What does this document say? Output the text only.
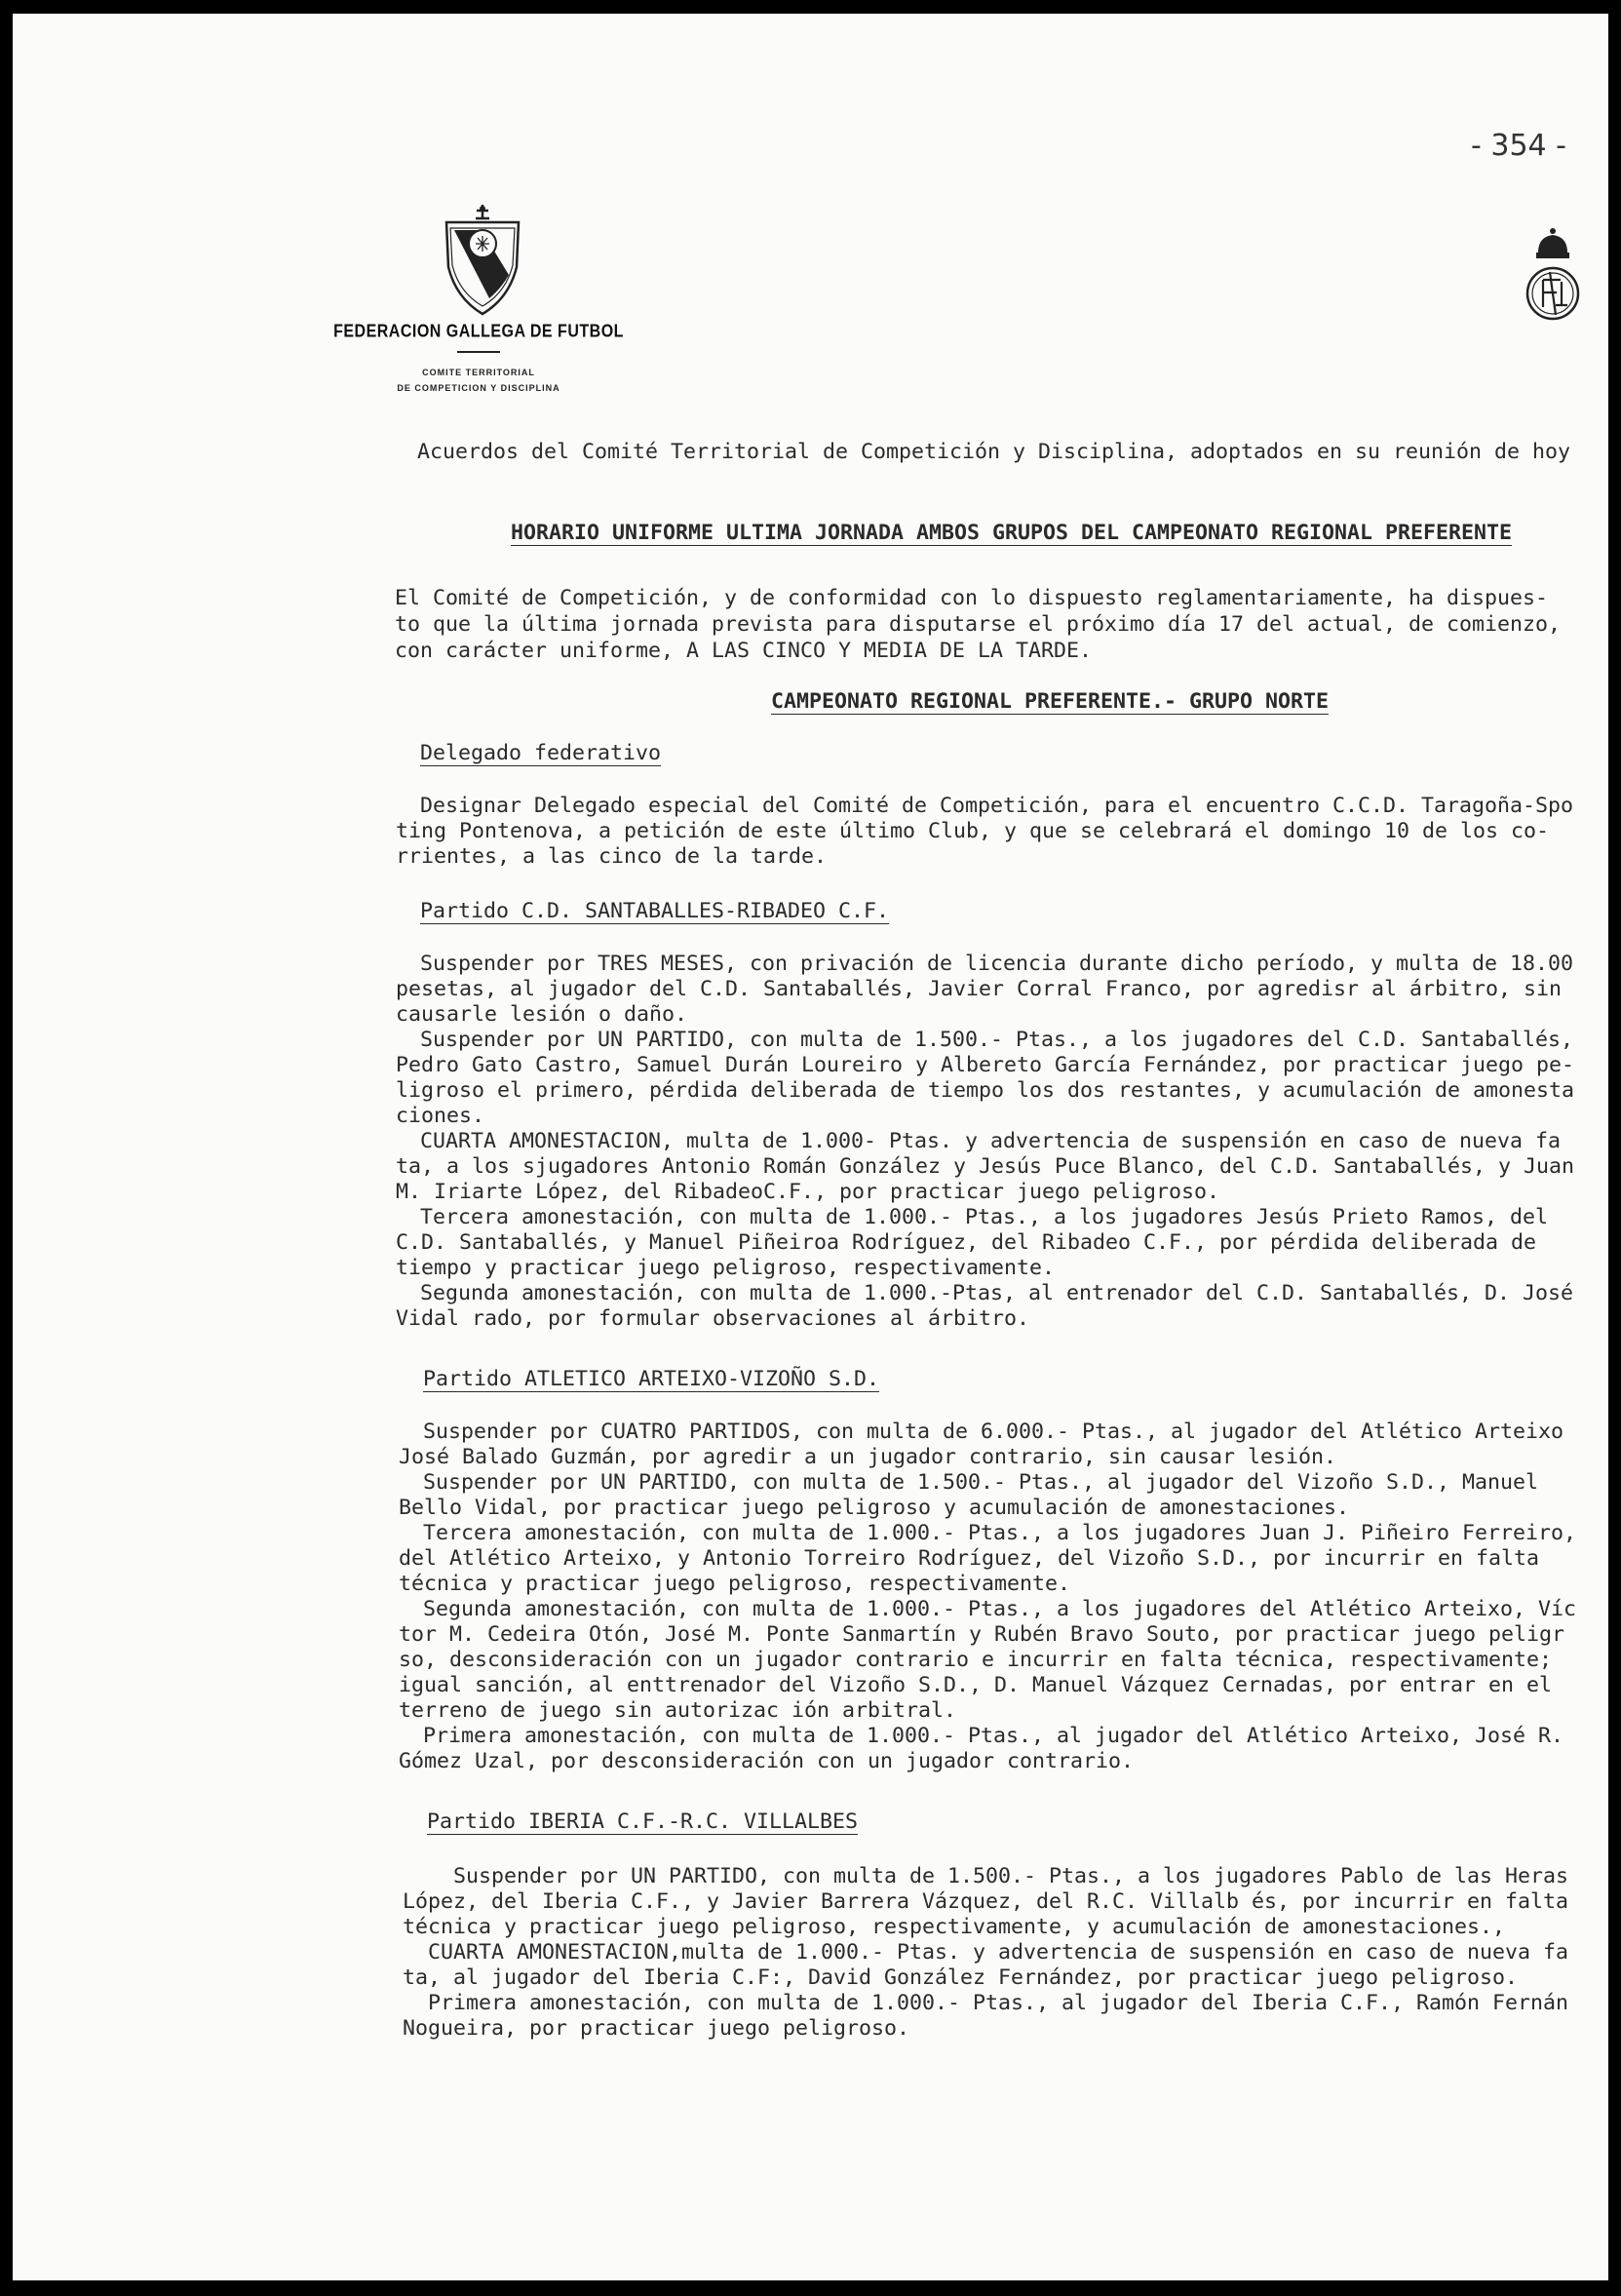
- 354 -
FEDERACION GALLEGA DE FUTBOL
COMITE TERRITORIAL
DE COMPETICION Y DISCIPLINA
Acuerdos del Comité Territorial de Competición y Disciplina, adoptados en su reunión de hoy
HORARIO UNIFORME ULTIMA JORNADA AMBOS GRUPOS DEL CAMPEONATO REGIONAL PREFERENTE
El Comité de Competición, y de conformidad con lo dispuesto reglamentariamente, ha dispues-
to que la última jornada prevista para disputarse el próximo día 17 del actual, de comienzo,
con carácter uniforme, A LAS CINCO Y MEDIA DE LA TARDE.
CAMPEONATO REGIONAL PREFERENTE.- GRUPO NORTE
Delegado federativo
Designar Delegado especial del Comité de Competición, para el encuentro C.C.D. Taragoña-Spo
ting Pontenova, a petición de este último Club, y que se celebrará el domingo 10 de los co-
rrientes, a las cinco de la tarde.
Partido C.D. SANTABALLES-RIBADEO C.F.
Suspender por TRES MESES, con privación de licencia durante dicho período, y multa de 18.00
pesetas, al jugador del C.D. Santaballés, Javier Corral Franco, por agredisr al árbitro, sin
causarle lesión o daño.
Suspender por UN PARTIDO, con multa de 1.500.- Ptas., a los jugadores del C.D. Santaballés,
Pedro Gato Castro, Samuel Durán Loureiro y Albereto García Fernández, por practicar juego pe-
ligroso el primero, pérdida deliberada de tiempo los dos restantes, y acumulación de amonesta
ciones.
CUARTA AMONESTACION, multa de 1.000- Ptas. y advertencia de suspensión en caso de nueva fa
ta, a los sjugadores Antonio Román González y Jesús Puce Blanco, del C.D. Santaballés, y Juan
M. Iriarte López, del RibadeoC.F., por practicar juego peligroso.
Tercera amonestación, con multa de 1.000.- Ptas., a los jugadores Jesús Prieto Ramos, del
C.D. Santaballés, y Manuel Piñeiroa Rodríguez, del Ribadeo C.F., por pérdida deliberada de
tiempo y practicar juego peligroso, respectivamente.
Segunda amonestación, con multa de 1.000.-Ptas, al entrenador del C.D. Santaballés, D. José
Vidal rado, por formular observaciones al árbitro.
Partido ATLETICO ARTEIXO-VIZOÑO S.D.
Suspender por CUATRO PARTIDOS, con multa de 6.000.- Ptas., al jugador del Atlético Arteixo
José Balado Guzmán, por agredir a un jugador contrario, sin causar lesión.
Suspender por UN PARTIDO, con multa de 1.500.- Ptas., al jugador del Vizoño S.D., Manuel
Bello Vidal, por practicar juego peligroso y acumulación de amonestaciones.
Tercera amonestación, con multa de 1.000.- Ptas., a los jugadores Juan J. Piñeiro Ferreiro,
del Atlético Arteixo, y Antonio Torreiro Rodríguez, del Vizoño S.D., por incurrir en falta
técnica y practicar juego peligroso, respectivamente.
Segunda amonestación, con multa de 1.000.- Ptas., a los jugadores del Atlético Arteixo, Víc
tor M. Cedeira Otón, José M. Ponte Sanmartín y Rubén Bravo Souto, por practicar juego peligr
so, desconsideración con un jugador contrario e incurrir en falta técnica, respectivamente;
igual sanción, al enttrenador del Vizoño S.D., D. Manuel Vázquez Cernadas, por entrar en el
terreno de juego sin autorizac ión arbitral.
Primera amonestación, con multa de 1.000.- Ptas., al jugador del Atlético Arteixo, José R.
Gómez Uzal, por desconsideración con un jugador contrario.
Partido IBERIA C.F.-R.C. VILLALBES
Suspender por UN PARTIDO, con multa de 1.500.- Ptas., a los jugadores Pablo de las Heras
López, del Iberia C.F., y Javier Barrera Vázquez, del R.C. Villalb és, por incurrir en falta
técnica y practicar juego peligroso, respectivamente, y acumulación de amonestaciones.,
CUARTA AMONESTACION,multa de 1.000.- Ptas. y advertencia de suspensión en caso de nueva fa
ta, al jugador del Iberia C.F:, David González Fernández, por practicar juego peligroso.
Primera amonestación, con multa de 1.000.- Ptas., al jugador del Iberia C.F., Ramón Fernán
Nogueira, por practicar juego peligroso.
